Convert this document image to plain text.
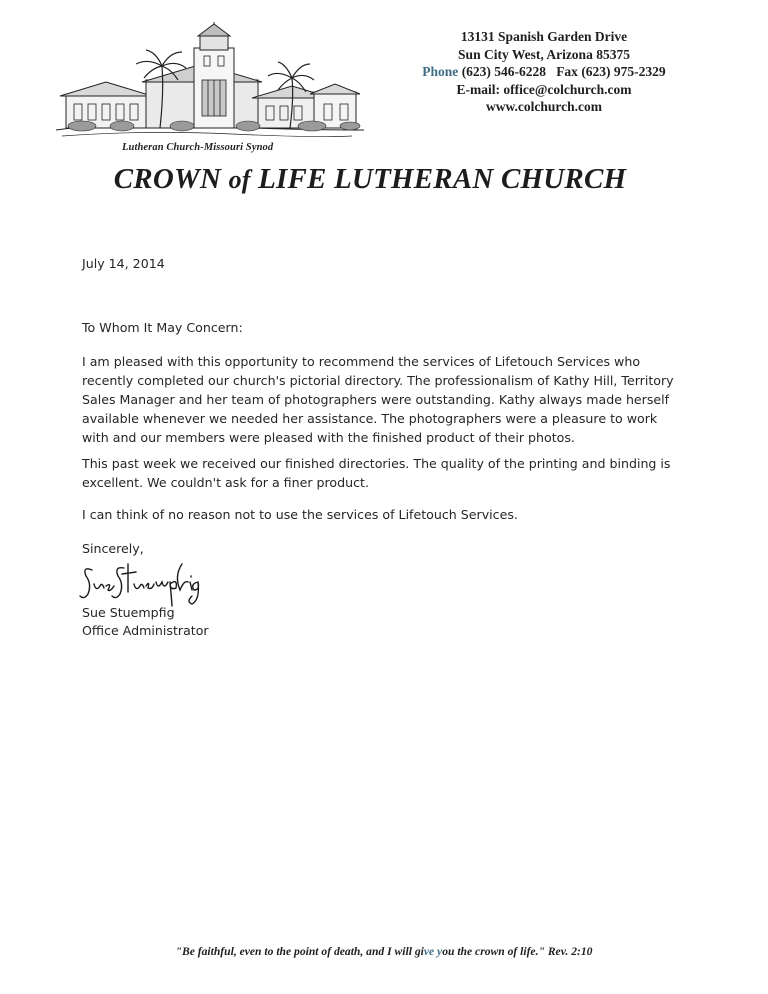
Lutheran Church-Missouri Synod
13131 Spanish Garden Drive
Sun City West, Arizona 85375
Phone (623) 546-6228 Fax (623) 975-2329
E-mail: office@colchurch.com
www.colchurch.com
CROWN of LIFE LUTHERAN CHURCH
July 14, 2014
To Whom It May Concern:
I am pleased with this opportunity to recommend the services of Lifetouch Services who recently completed our church's pictorial directory. The professionalism of Kathy Hill, Territory Sales Manager and her team of photographers were outstanding. Kathy always made herself available whenever we needed her assistance. The photographers were a pleasure to work with and our members were pleased with the finished product of their photos.
This past week we received our finished directories. The quality of the printing and binding is excellent. We couldn't ask for a finer product.
I can think of no reason not to use the services of Lifetouch Services.
Sincerely,
Sue Stuempfig
Office Administrator
"Be faithful, even to the point of death, and I will give you the crown of life." Rev. 2:10
